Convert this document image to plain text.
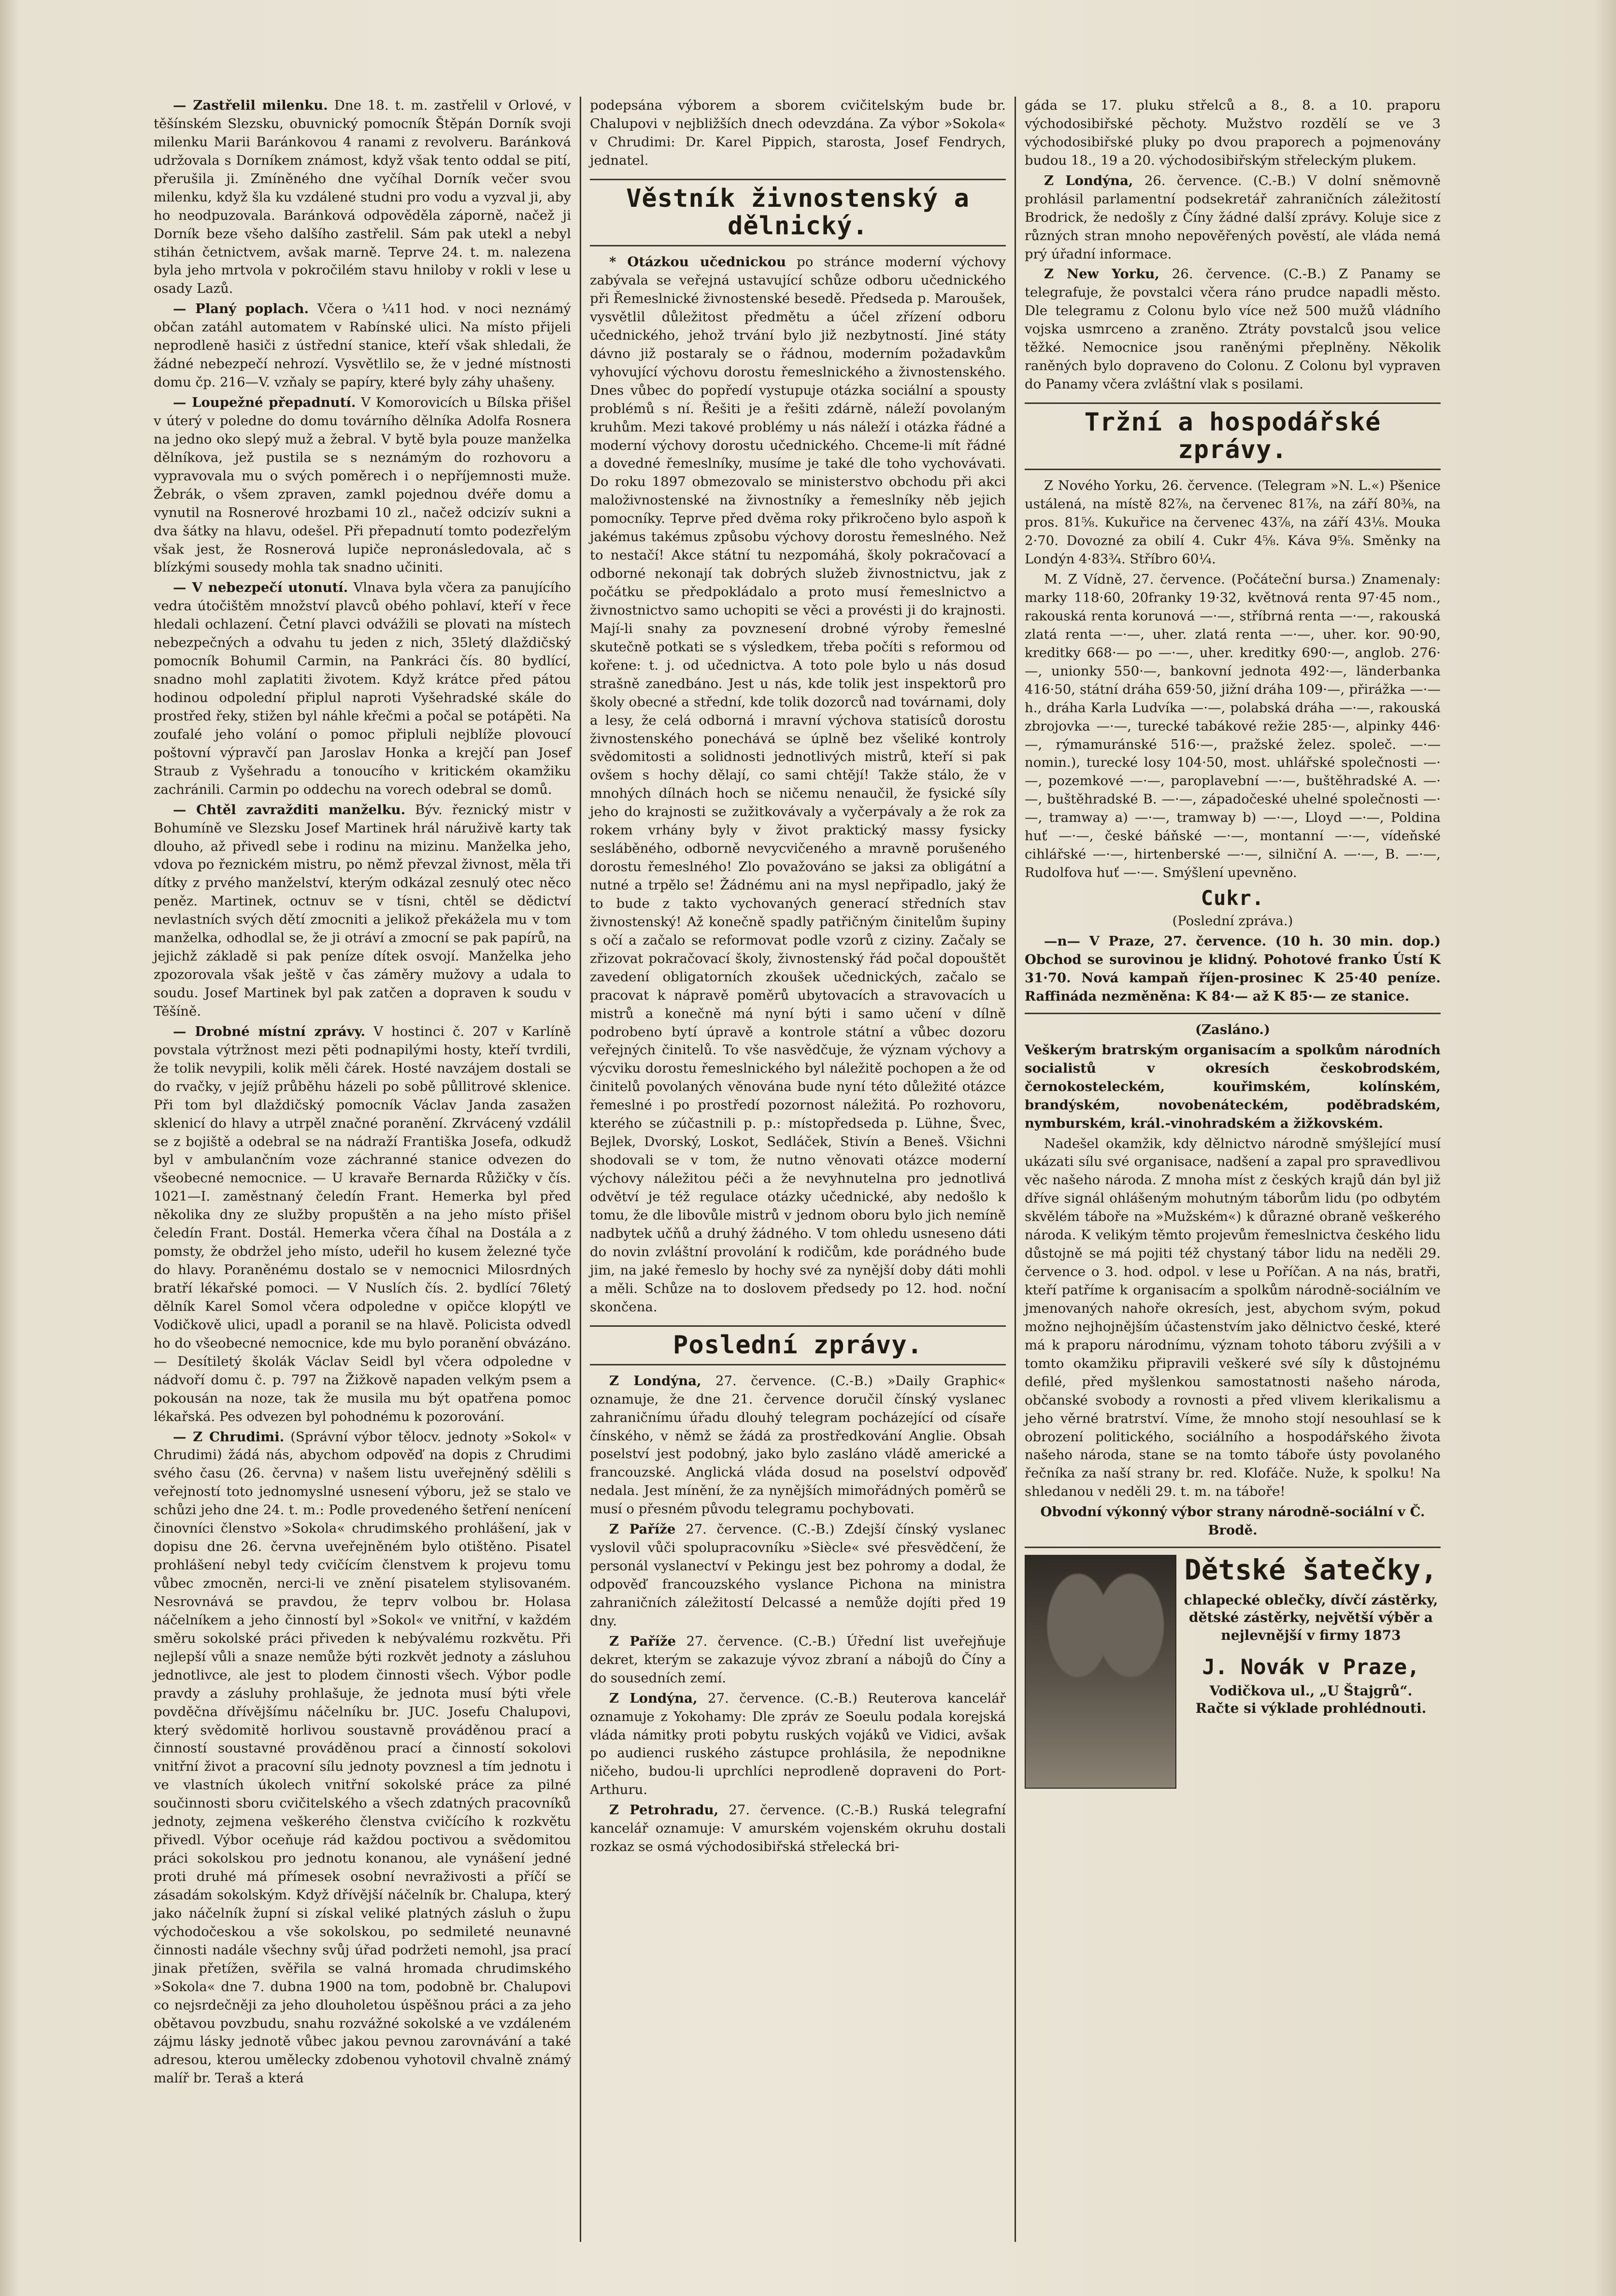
— Zastřelil milenku. Dne 18. t. m. zastřelil v Orlové, v těšínském Slezsku, obuvnický pomocník Štěpán Dorník svoji milenku Marii Baránkovou 4 ranami z revolveru. Baránková udržovala s Dorníkem známost, když však tento oddal se pití, přerušila ji. Zmíněného dne vyčíhal Dorník večer svou milenku, když šla ku vzdálené studni pro vodu a vyzval ji, aby ho neodpuzovala. Baránková odpověděla záporně, načež ji Dorník beze všeho dalšího zastřelil. Sám pak utekl a nebyl stihán četnictvem, avšak marně. Teprve 24. t. m. nalezena byla jeho mrtvola v pokročilém stavu hniloby v rokli v lese u osady Lazů.

— Planý poplach. Včera o ¼11 hod. v noci neznámý občan zatáhl automatem v Rabínské ulici. Na místo přijeli neprodleně hasiči z ústřední stanice, kteří však shledali, že žádné nebezpečí nehrozí. Vysvětlilo se, že v jedné místnosti domu čp. 216—V. vzňaly se papíry, které byly záhy uhašeny.

— Loupežné přepadnutí. V Komorovicích u Bílska přišel v úterý v poledne do domu továrního dělníka Adolfa Rosnera na jedno oko slepý muž a žebral. V bytě byla pouze manželka dělníkova, jež pustila se s neznámým do rozhovoru a vypravovala mu o svých poměrech i o nepříjemnosti muže. Žebrák, o všem zpraven, zamkl pojednou dvéře domu a vynutil na Rosnerové hrozbami 10 zl., načež odcizív sukni a dva šátky na hlavu, odešel. Při přepadnutí tomto podezřelým však jest, že Rosnerová lupiče nepronásledovala, ač s blízkými sousedy mohla tak snadno učiniti.

— V nebezpečí utonutí. Vlnava byla včera za panujícího vedra útočištěm množství plavců obého pohlaví, kteří v řece hledali ochlazení. Četní plavci odvážili se plovati na místech nebezpečných a odvahu tu jeden z nich, 35letý dlaždičský pomocník Bohumil Carmin, na Pankráci čís. 80 bydlící, snadno mohl zaplatiti životem. Když krátce před pátou hodinou odpolední připlul naproti Vyšehradské skále do prostřed řeky, stižen byl náhle křečmi a počal se potápěti. Na zoufalé jeho volání o pomoc připluli nejblíže plovoucí poštovní výpravčí pan Jaroslav Honka a krejčí pan Josef Straub z Vyšehradu a tonoucího v kritickém okamžiku zachránili. Carmin po oddechu na vorech odebral se domů.

— Chtěl zavražditi manželku. Býv. řeznický mistr v Bohumíně ve Slezsku Josef Martinek hrál náruživě karty tak dlouho, až přivedl sebe i rodinu na mizinu. Manželka jeho, vdova po řeznickém mistru, po němž převzal živnost, měla tři dítky z prvého manželství, kterým odkázal zesnulý otec něco peněz. Martinek, octnuv se v tísni, chtěl se dědictví nevlastních svých dětí zmocniti a jelikož překážela mu v tom manželka, odhodlal se, že ji otráví a zmocní se pak papírů, na jejichž základě si pak peníze dítek osvojí. Manželka jeho zpozorovala však ještě v čas záměry mužovy a udala to soudu. Josef Martinek byl pak zatčen a dopraven k soudu v Těšíně.

— Drobné místní zprávy. V hostinci č. 207 v Karlíně povstala výtržnost mezi pěti podnapilými hosty, kteří tvrdili, že tolik nevypili, kolik měli čárek. Hosté navzájem dostali se do rvačky, v jejíž průběhu házeli po sobě půllitrové sklenice. Při tom byl dlaždičský pomocník Václav Janda zasažen sklenicí do hlavy a utrpěl značné poranění. Zkrvácený vzdálil se z bojiště a odebral se na nádraží Františka Josefa, odkudž byl v ambulančním voze záchranné stanice odvezen do všeobecné nemocnice. — U kravaře Bernarda Růžičky v čís. 1021—I. zaměstnaný čeledín Frant. Hemerka byl před několika dny ze služby propuštěn a na jeho místo přišel čeledín Frant. Dostál. Hemerka včera číhal na Dostála a z pomsty, že obdržel jeho místo, udeřil ho kusem železné tyče do hlavy. Poraněnému dostalo se v nemocnici Milosrdných bratří lékařské pomoci. — V Nuslích čís. 2. bydlící 76letý dělník Karel Somol včera odpoledne v opičce klopýtl ve Vodičkově ulici, upadl a poranil se na hlavě. Policista odvedl ho do všeobecné nemocnice, kde mu bylo poranění obvázáno. — Desítiletý školák Václav Seidl byl včera odpoledne v nádvoří domu č. p. 797 na Žižkově napaden velkým psem a pokousán na noze, tak že musila mu být opatřena pomoc lékařská. Pes odvezen byl pohodnému k pozorování.

— Z Chrudimi. (Správní výbor tělocv. jednoty »Sokol« v Chrudimi) žádá nás, abychom odpověď na dopis z Chrudimi svého času (26. června) v našem listu uveřejněný sdělili s veřejností toto jednomyslné usnesení výboru, jež se stalo ve schůzi jeho dne 24. t. m.: Podle provedeného šetření nenícení činovníci členstvo »Sokola« chrudimského prohlášení, jak v dopisu dne 26. června uveřejněném bylo otištěno. Pisatel prohlášení nebyl tedy cvičícím členstvem k projevu tomu vůbec zmocněn, nerci-li ve znění pisatelem stylisovaném. Nesrovnává se pravdou, že teprv volbou br. Holasa náčelníkem a jeho činností byl »Sokol« ve vnitřní, v každém směru sokolské práci přiveden k nebývalému rozkvětu. Při nejlepší vůli a snaze nemůže býti rozkvět jednoty a zásluhou jednotlivce, ale jest to plodem činnosti všech. Výbor podle pravdy a zásluhy prohlašuje, že jednota musí býti vřele povděčna dřívějšímu náčelníku br. JUC. Josefu Chalupovi, který svědomitě horlivou soustavně prováděnou prací a činností soustavné prováděnou prací a činností sokolovi vnitřní život a pracovní sílu jednoty povznesl a tím jednotu i ve vlastních úkolech vnitřní sokolské práce za pilné součinnosti sboru cvičitelského a všech zdatných pracovníků jednoty, zejmena veškerého členstva cvičícího k rozkvětu přivedl. Výbor oceňuje rád každou poctivou a svědomitou práci sokolskou pro jednotu konanou, ale vynášení jedné proti druhé má přímesek osobní nevraživosti a příčí se zásadám sokolským. Když dřívější náčelník br. Chalupa, který jako náčelník župní si získal veliké platných zásluh o župu východočeskou a vše sokolskou, po sedmileté neunavné činnosti nadále všechny svůj úřad podržeti nemohl, jsa prací jinak přetížen, svěřila se valná hromada chrudimského »Sokola« dne 7. dubna 1900 na tom, podobně br. Chalupovi co nejsrdečněji za jeho dlouholetou úspěšnou práci a za jeho obětavou povzbudu, snahu rozvážné sokolské a ve vzdáleném zájmu lásky jednotě vůbec jakou pevnou zarovnávání a také adresou, kterou umělecky zdobenou vyhotovil chvalně známý malíř br. Teraš a která

podepsána výborem a sborem cvičitelským bude br. Chalupovi v nejbližších dnech odevzdána. Za výbor »Sokola« v Chrudimi: Dr. Karel Pippich, starosta, Josef Fendrych, jednatel.

Věstník živnostenský a dělnický.

* Otázkou učednickou po stránce moderní výchovy zabývala se veřejná ustavující schůze odboru učednického při Řemeslnické živnostenské besedě. Předseda p. Maroušek, vysvětlil důležitost předmětu a účel zřízení odboru učednického, jehož trvání bylo již nezbytností. Jiné státy dávno již postaraly se o řádnou, moderním požadavkům vyhovující výchovu dorostu řemeslnického a živnostenského. Dnes vůbec do popředí vystupuje otázka sociální a spousty problémů s ní. Řešiti je a řešiti zdárně, náleží povolaným kruhům. Mezi takové problémy u nás náleží i otázka řádné a moderní výchovy dorostu učednického. Chceme-li mít řádné a dovedné řemeslníky, musíme je také dle toho vychovávati. Do roku 1897 obmezovalo se ministerstvo obchodu při akci maloživnostenské na živnostníky a řemeslníky něb jejich pomocníky. Teprve před dvěma roky přikročeno bylo aspoň k jakémus takémus způsobu výchovy dorostu řemeslného. Než to nestačí! Akce státní tu nezpomáhá, školy pokračovací a odborné nekonají tak dobrých služeb živnostnictvu, jak z počátku se předpokládalo a proto musí řemeslnictvo a živnostnictvo samo uchopiti se věci a provésti ji do krajnosti. Mají-li snahy za povznesení drobné výroby řemeslné skutečně potkati se s výsledkem, třeba počíti s reformou od kořene: t. j. od učednictva. A toto pole bylo u nás dosud strašně zanedbáno. Jest u nás, kde tolik jest inspektorů pro školy obecné a střední, kde tolik dozorců nad továrnami, doly a lesy, že celá odborná i mravní výchova statisíců dorostu živnostenského ponechává se úplně bez všeliké kontroly svědomitosti a solidnosti jednotlivých mistrů, kteří si pak ovšem s hochy dělají, co sami chtějí! Takže stálo, že v mnohých dílnách hoch se ničemu nenaučil, že fysické síly jeho do krajnosti se zužitkovávaly a vyčerpávaly a že rok za rokem vrhány byly v život praktický massy fysicky sesláběného, odborně nevycvičeného a mravně porušeného dorostu řemeslného! Zlo považováno se jaksi za obligátní a nutné a trpělo se! Žádnému ani na mysl nepřipadlo, jaký že to bude z takto vychovaných generací středních stav živnostenský! Až konečně spadly patřičným činitelům šupiny s očí a začalo se reformovat podle vzorů z ciziny. Začaly se zřizovat pokračovací školy, živnostenský řád počal dopouštět zavedení obligatorních zkoušek učednických, začalo se pracovat k nápravě poměrů ubytovacích a stravovacích u mistrů a konečně má nyní býti i samo učení v dílně podrobeno bytí úpravě a kontrole státní a vůbec dozoru veřejných činitelů. To vše nasvědčuje, že význam výchovy a výcviku dorostu řemeslnického byl náležitě pochopen a že od činitelů povolaných věnována bude nyní této důležité otázce řemeslné i po prostředí pozornost náležitá. Po rozhovoru, kterého se zúčastnili p. p.: místopředseda p. Lühne, Švec, Bejlek, Dvorský, Loskot, Sedláček, Stivín a Beneš. Všichni shodovali se v tom, že nutno věnovati otázce moderní výchovy náležitou péči a že nevyhnutelna pro jednotlivá odvětví je též regulace otázky učednické, aby nedošlo k tomu, že dle libovůle mistrů v jednom oboru bylo jich nemíně nadbytek učňů a druhý žádného. V tom ohledu usneseno dáti do novin zvláštní provolání k rodičům, kde porádného bude jim, na jaké řemeslo by hochy své za nynější doby dáti mohli a měli. Schůze na to doslovem předsedy po 12. hod. noční skončena.

Poslední zprávy.

Z Londýna, 27. července. (C.-B.) »Daily Graphic« oznamuje, že dne 21. července doručil čínský vyslanec zahraničnímu úřadu dlouhý telegram pocházející od císaře čínského, v němž se žádá za prostředkování Anglie. Obsah poselství jest podobný, jako bylo zasláno vládě americké a francouzské. Anglická vláda dosud na poselství odpověď nedala. Jest mínění, že za nynějších mimořádných poměrů se musí o přesném původu telegramu pochybovati.

Z Paříže 27. července. (C.-B.) Zdejší čínský vyslanec vyslovil vůči spolupracovníku »Siècle« své přesvědčení, že personál vyslanectví v Pekingu jest bez pohromy a dodal, že odpověď francouzského vyslance Pichona na ministra zahraničních záležitostí Delcassé a nemůže dojíti před 19 dny.

Z Paříže 27. července. (C.-B.) Úřední list uveřejňuje dekret, kterým se zakazuje vývoz zbraní a nábojů do Číny a do sousedních zemí.

Z Londýna, 27. července. (C.-B.) Reuterova kancelář oznamuje z Yokohamy: Dle zpráv ze Soeulu podala korejská vláda námitky proti pobytu ruských vojáků ve Vidici, avšak po audienci ruského zástupce prohlásila, že nepodnikne ničeho, budou-li uprchlíci neprodleně dopraveni do Port-Arthuru.

Z Petrohradu, 27. července. (C.-B.) Ruská telegrafní kancelář oznamuje: V amurském vojenském okruhu dostali rozkaz se osmá východosibiřská střelecká bri-

gáda se 17. pluku střelců a 8., 8. a 10. praporu východosibiřské pěchoty. Mužstvo rozdělí se ve 3 východosibiřské pluky po dvou praporech a pojmenovány budou 18., 19 a 20. východosibiřským střeleckým plukem.

Z Londýna, 26. července. (C.-B.) V dolní sněmovně prohlásil parlamentní podsekretář zahraničních záležitostí Brodrick, že nedošly z Číny žádné další zprávy. Koluje sice z různých stran mnoho nepověřených pověstí, ale vláda nemá prý úřadní informace.

Z New Yorku, 26. července. (C.-B.) Z Panamy se telegrafuje, že povstalci včera ráno prudce napadli město. Dle telegramu z Colonu bylo více než 500 mužů vládního vojska usmrceno a zraněno. Ztráty povstalců jsou velice těžké. Nemocnice jsou raněnými přeplněny. Několik raněných bylo dopraveno do Colonu. Z Colonu byl vypraven do Panamy včera zvláštní vlak s posilami.

Tržní a hospodářské zprávy.

Z Nového Yorku, 26. července. (Telegram »N. L.«) Pšenice ustálená, na místě 82⅞, na červenec 81⅞, na září 80⅜, na pros. 81⅝. Kukuřice na červenec 43⅞, na září 43⅛. Mouka 2·70. Dovozné za obilí 4. Cukr 4⅝. Káva 9⅝. Směnky na Londýn 4·83¾. Stříbro 60¼.

M. Z Vídně, 27. července. (Počáteční bursa.) Znamenaly: marky 118·60, 20franky 19·32, květnová renta 97·45 nom., rakouská renta korunová —·—, stříbrná renta —·—, rakouská zlatá renta —·—, uher. zlatá renta —·—, uher. kor. 90·90, kreditky 668·— po —·—, uher. kreditky 690·—, anglob. 276·—, unionky 550·—, bankovní jednota 492·—, länderbanka 416·50, státní dráha 659·50, jižní dráha 109·—, přirážka —·— h., dráha Karla Ludvíka —·—, polabská dráha —·—, rakouská zbrojovka —·—, turecké tabákové režie 285·—, alpinky 446·—, rýmamuránské 516·—, pražské želez. společ. —·— nomin.), turecké losy 104·50, most. uhlářské společnosti —·—, pozemkové —·—, paroplavební —·—, buštěhradské A. —·—, buštěhradské B. —·—, západočeské uhelné společnosti —·—, tramway a) —·—, tramway b) —·—, Lloyd —·—, Poldina huť —·—, české báňské —·—, montanní —·—, vídeňské cihlářské —·—, hirtenberské —·—, silniční A. —·—, B. —·—, Rudolfova huť —·—. Smýšlení upevněno.

Cukr.

(Poslední zpráva.)

—n— V Praze, 27. července. (10 h. 30 min. dop.) Obchod se surovinou je klidný. Pohotové franko Ústí K 31·70. Nová kampaň říjen-prosinec K 25·40 peníze. Raffináda nezměněna: K 84·— až K 85·— ze stanice.

(Zasláno.)

Veškerým bratrským organisacím a spolkům národních socialistů v okresích českobrodském, černokosteleckém, kouřimském, kolínském, brandýském, novobenáteckém, poděbradském, nymburském, král.-vinohradském a žižkovském.

Nadešel okamžik, kdy dělnictvo národně smýšlející musí ukázati sílu své organisace, nadšení a zapal pro spravedlivou věc našeho národa. Z mnoha míst z českých krajů dán byl již dříve signál ohlášeným mohutným táborům lidu (po odbytém skvělém táboře na »Mužském«) k důrazné obraně veškerého národa. K velikým těmto projevům řemeslnictva českého lidu důstojně se má pojiti též chystaný tábor lidu na neděli 29. července o 3. hod. odpol. v lese u Poříčan. A na nás, bratři, kteří patříme k organisacím a spolkům národně-sociálním ve jmenovaných nahoře okresích, jest, abychom svým, pokud možno nejhojnějším účastenstvím jako dělnictvo české, které má k praporu národnímu, význam tohoto táboru zvýšili a v tomto okamžiku připravili veškeré své síly k důstojnému defilé, před myšlenkou samostatnosti našeho národa, občanské svobody a rovnosti a před vlivem klerikalismu a jeho věrné bratrství. Víme, že mnoho stojí nesouhlasí se k obrození politického, sociálního a hospodářského života našeho národa, stane se na tomto táboře ústy povolaného řečníka za naší strany br. red. Klofáče. Nuže, k spolku! Na shledanou v neděli 29. t. m. na táboře!

Obvodní výkonný výbor strany národně-sociální v Č. Brodě.

Dětské šatečky,
chlapecké oblečky, dívčí zástěrky, dětské zástěrky, největší výběr a nejlevnější v firmy 1873
J. Novák v Praze,
Vodičkova ul., „U Štajgrů“.
Račte si výklade prohlédnouti.
